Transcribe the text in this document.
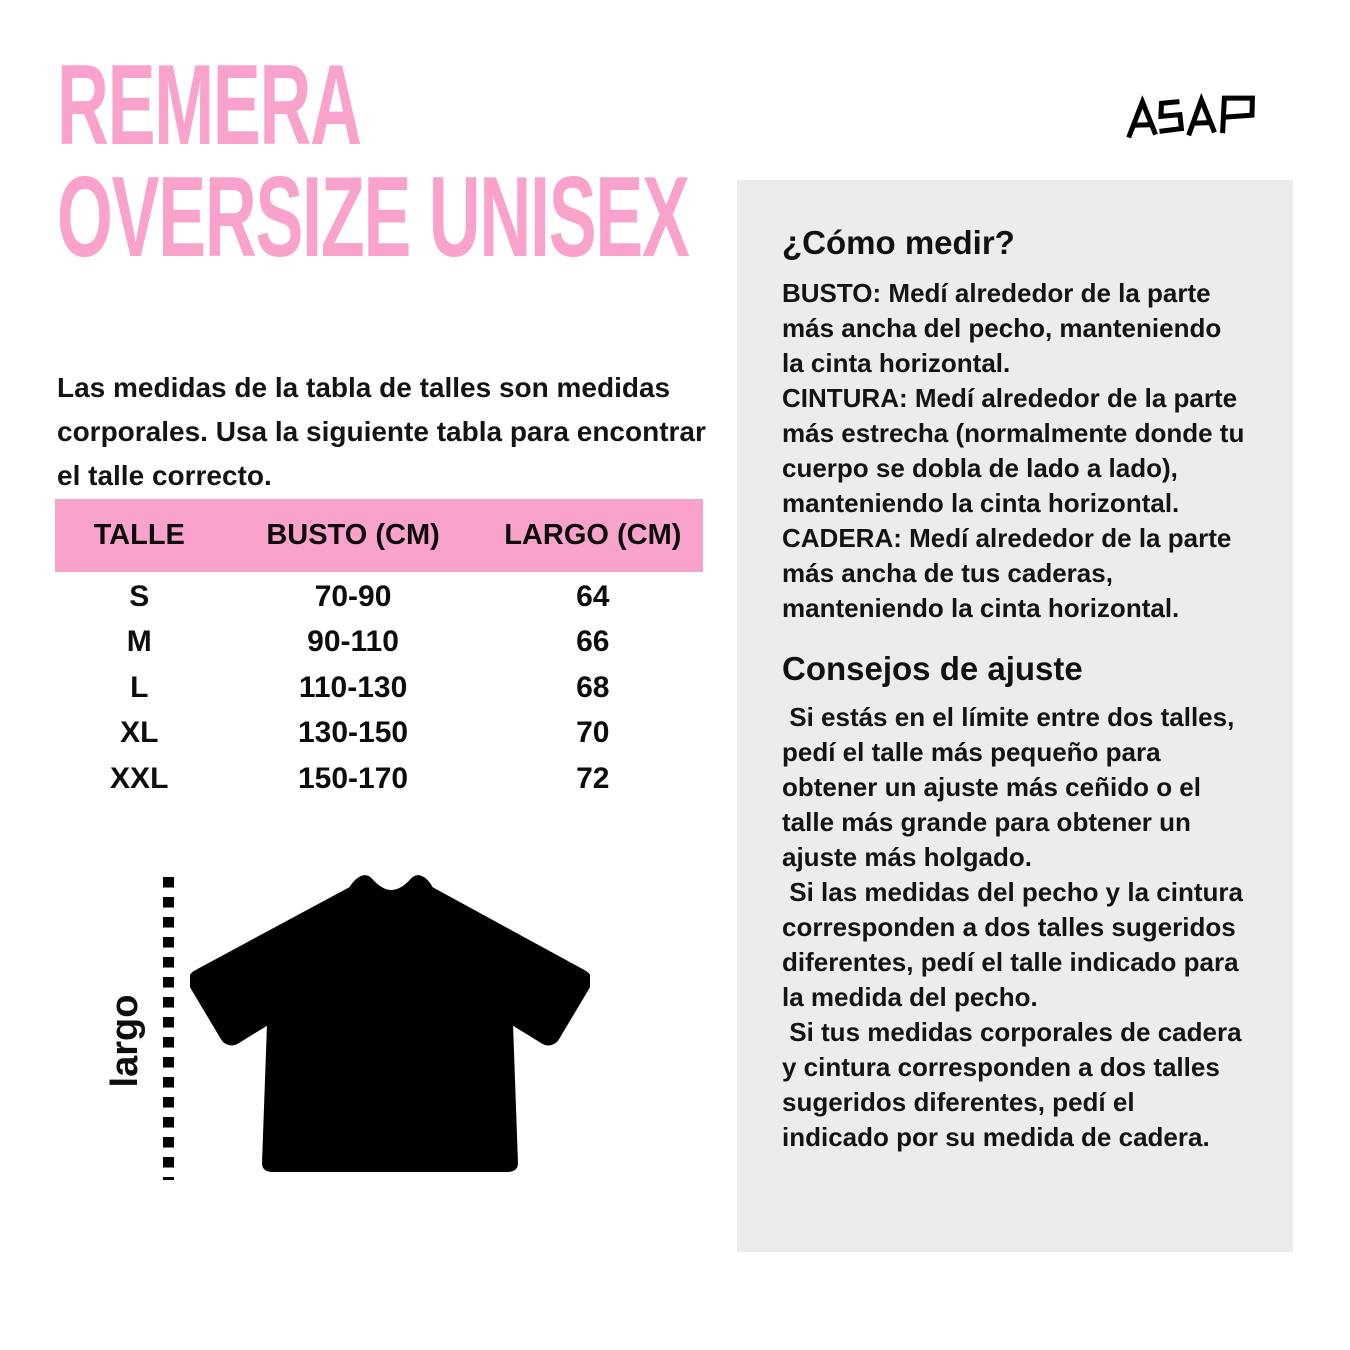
REMERA
OVERSIZE UNISEX
Las medidas de la tabla de talles son medidas corporales. Usa la siguiente tabla para encontrar el talle correcto.
TALLE	BUSTO (CM)	LARGO (CM)
S	70-90	64
M	90-110	66
L	110-130	68
XL	130-150	70
XXL	150-170	72
largo
¿Cómo medir?

BUSTO: Medí alrededor de la parte más ancha del pecho, manteniendo la cinta horizontal.

CINTURA: Medí alrededor de la parte más estrecha (normalmente donde tu cuerpo se dobla de lado a lado), manteniendo la cinta horizontal.

CADERA: Medí alrededor de la parte más ancha de tus caderas, manteniendo la cinta horizontal.

Consejos de ajuste

Si estás en el límite entre dos talles, pedí el talle más pequeño para obtener un ajuste más ceñido o el talle más grande para obtener un ajuste más holgado.

Si las medidas del pecho y la cintura corresponden a dos talles sugeridos diferentes, pedí el talle indicado para la medida del pecho.

Si tus medidas corporales de cadera y cintura corresponden a dos talles sugeridos diferentes, pedí el indicado por su medida de cadera.
